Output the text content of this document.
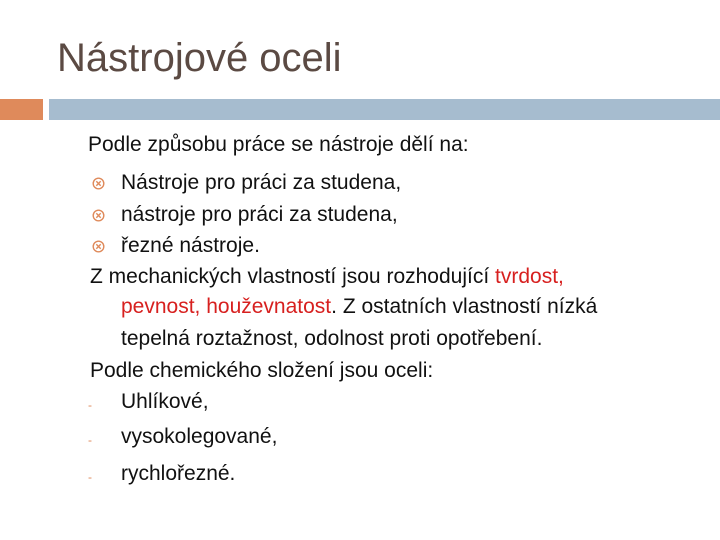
Nástrojové oceli
Podle způsobu práce se nástroje dělí na:
Nástroje pro práci za studena,
nástroje pro práci za studena,
řezné nástroje.
Z mechanických vlastností jsou rozhodující tvrdost,
pevnost, houževnatost. Z ostatních vlastností nízká
tepelná roztažnost, odolnost proti opotřebení.
Podle chemického složení jsou oceli:
- Uhlíkové,
- vysokolegované,
- rychlořezné.
